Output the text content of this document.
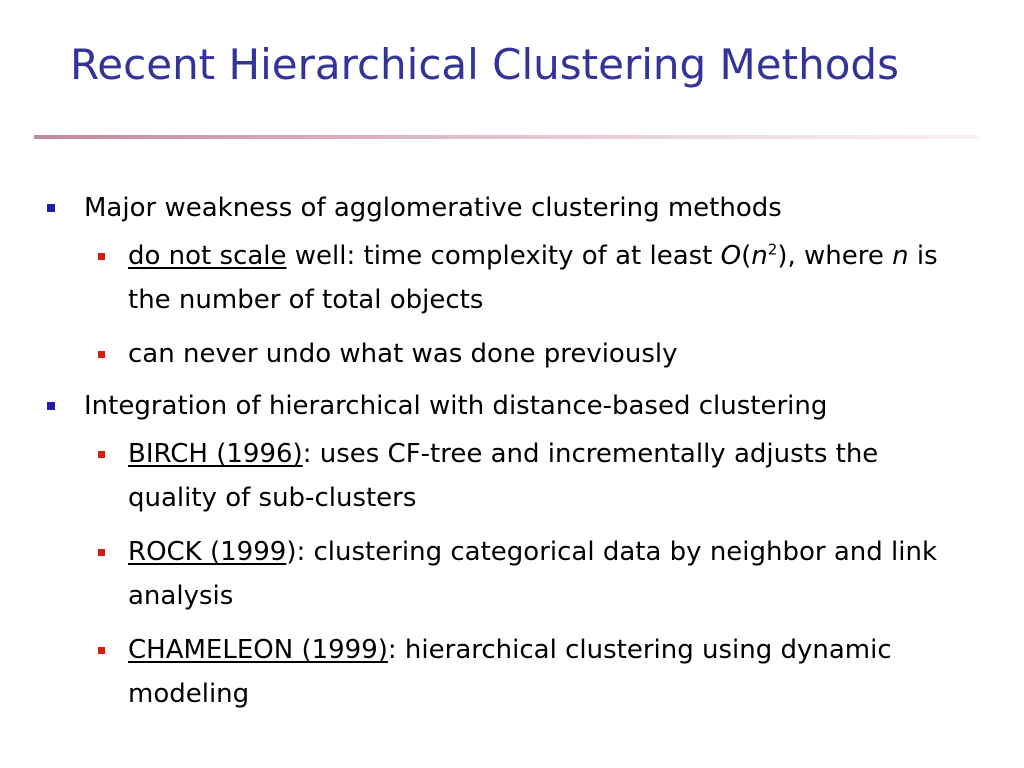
Recent Hierarchical Clustering Methods
Major weakness of agglomerative clustering methods
do not scale well: time complexity of at least $O(n^2)$, where n is the number of total objects
can never undo what was done previously
Integration of hierarchical with distance-based clustering
BIRCH (1996): uses CF-tree and incrementally adjusts the quality of sub-clusters
ROCK (1999): clustering categorical data by neighbor and link analysis
CHAMELEON (1999): hierarchical clustering using dynamic modeling
